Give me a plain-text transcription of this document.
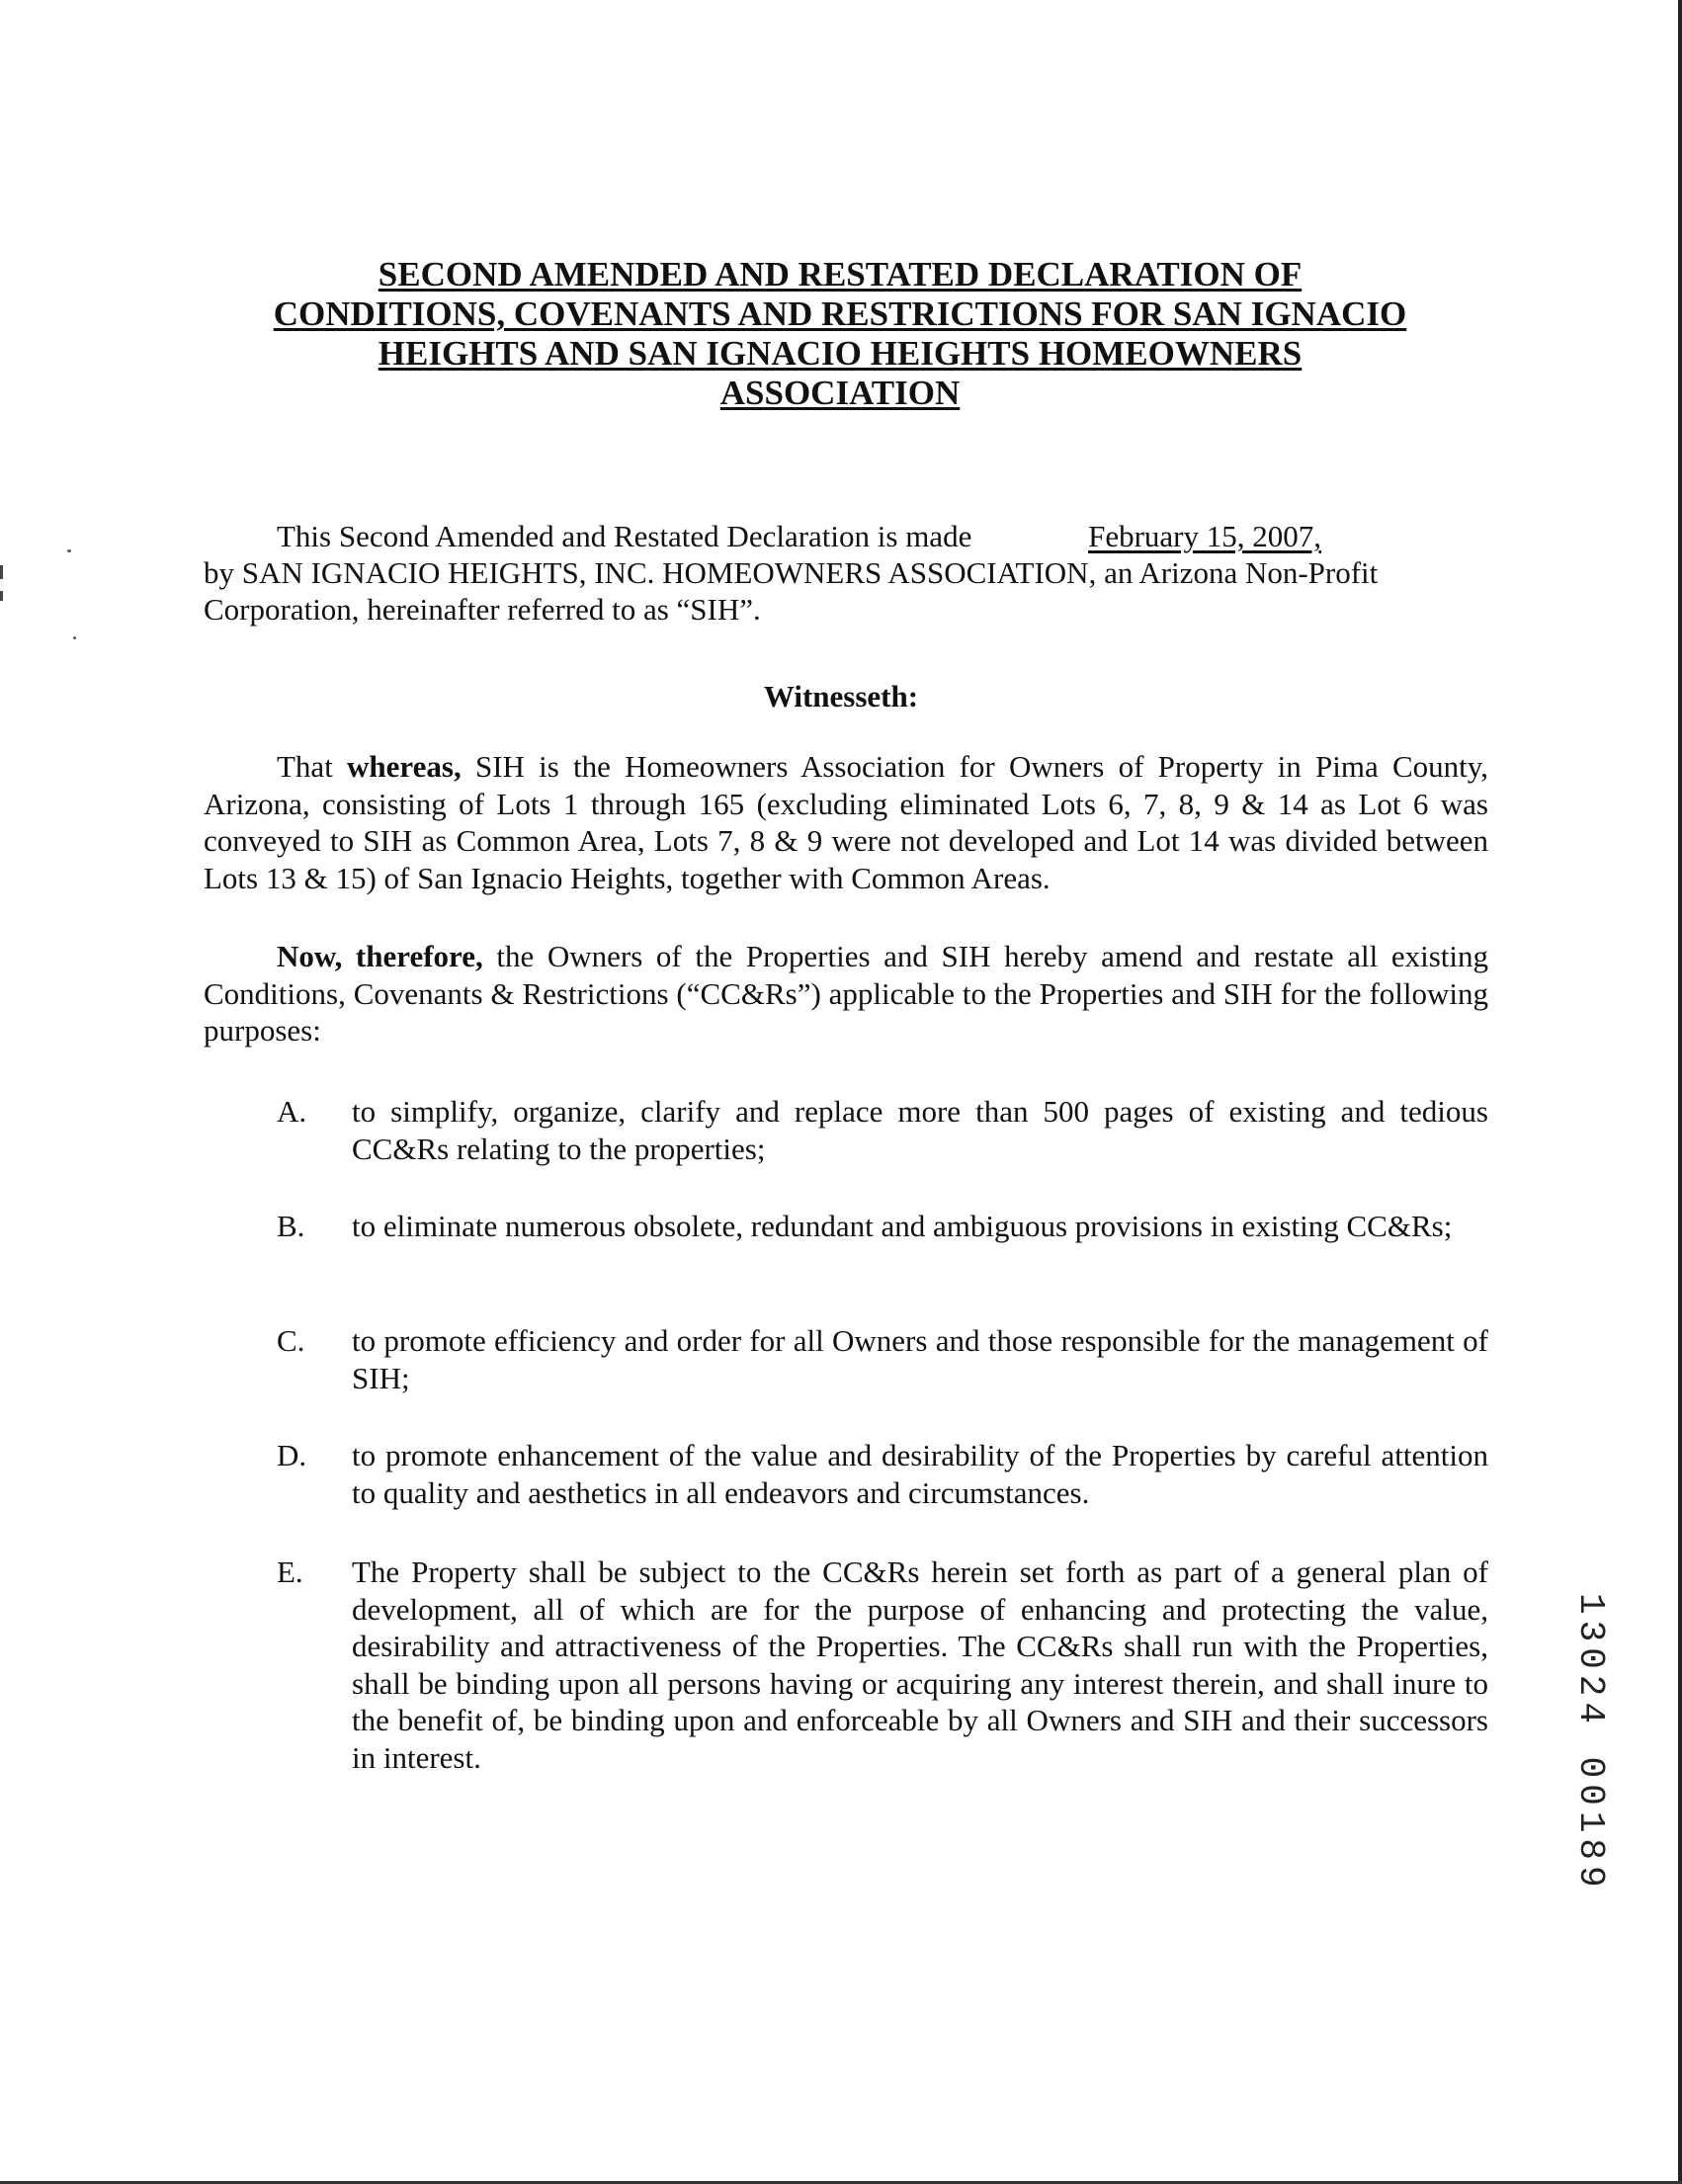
SECOND AMENDED AND RESTATED DECLARATION OF
CONDITIONS, COVENANTS AND RESTRICTIONS FOR SAN IGNACIO
HEIGHTS AND SAN IGNACIO HEIGHTS HOMEOWNERS
ASSOCIATION
This Second Amended and Restated Declaration is made	February 15, 2007,
by SAN IGNACIO HEIGHTS, INC. HOMEOWNERS ASSOCIATION, an Arizona Non-Profit
Corporation, hereinafter referred to as “SIH”.
Witnesseth:

That whereas, SIH is the Homeowners Association for Owners of Property in Pima County, Arizona, consisting of Lots 1 through 165 (excluding eliminated Lots 6, 7, 8, 9 & 14 as Lot 6 was conveyed to SIH as Common Area, Lots 7, 8 & 9 were not developed and Lot 14 was divided between Lots 13 & 15) of San Ignacio Heights, together with Common Areas.

Now, therefore, the Owners of the Properties and SIH hereby amend and restate all existing Conditions, Covenants & Restrictions (“CC&Rs”) applicable to the Properties and SIH for the following purposes:

A. to simplify, organize, clarify and replace more than 500 pages of existing and tedious CC&Rs relating to the properties;
B. to eliminate numerous obsolete, redundant and ambiguous provisions in existing CC&Rs;
C. to promote efficiency and order for all Owners and those responsible for the management of SIH;
D. to promote enhancement of the value and desirability of the Properties by careful attention to quality and aesthetics in all endeavors and circumstances.
E. The Property shall be subject to the CC&Rs herein set forth as part of a general plan of development, all of which are for the purpose of enhancing and protecting the value, desirability and attractiveness of the Properties. The CC&Rs shall run with the Properties, shall be binding upon all persons having or acquiring any interest therein, and shall inure to the benefit of, be binding upon and enforceable by all Owners and SIH and their successors in interest.	13024 00189
